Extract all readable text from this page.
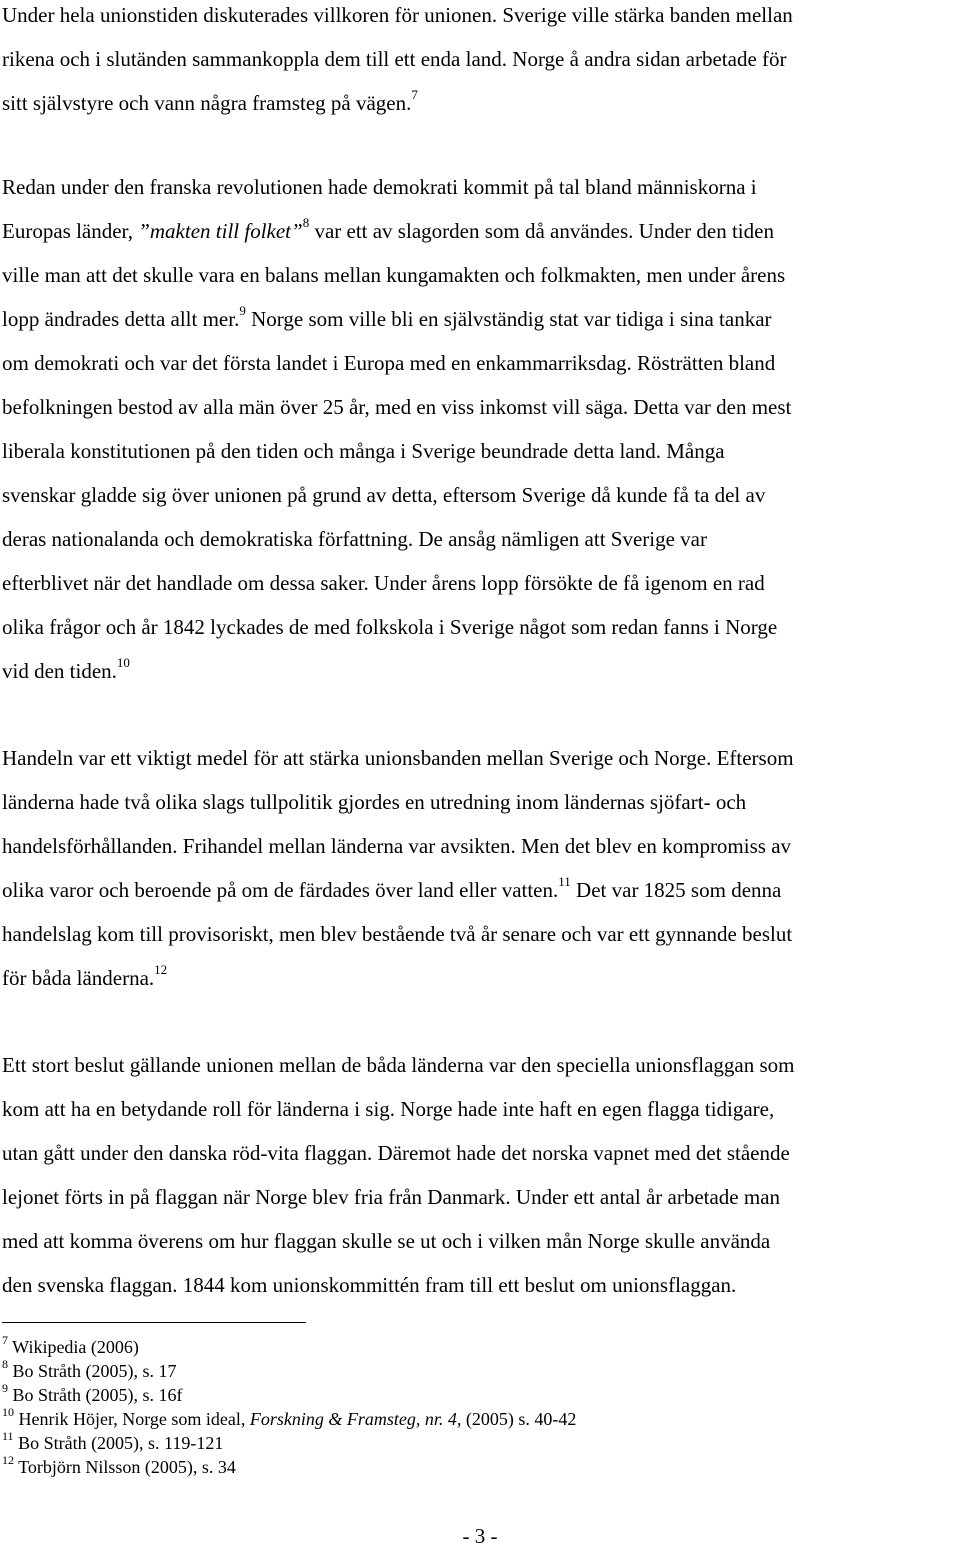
Under hela unionstiden diskuterades villkoren för unionen. Sverige ville stärka banden mellan
rikena och i slutänden sammankoppla dem till ett enda land. Norge å andra sidan arbetade för
sitt självstyre och vann några framsteg på vägen.$^7$

Redan under den franska revolutionen hade demokrati kommit på tal bland människorna i
Europas länder, ”makten till folket”$^8$ var ett av slagorden som då användes. Under den tiden
ville man att det skulle vara en balans mellan kungamakten och folkmakten, men under årens
lopp ändrades detta allt mer.$^9$ Norge som ville bli en självständig stat var tidiga i sina tankar
om demokrati och var det första landet i Europa med en enkammarriksdag. Rösträtten bland
befolkningen bestod av alla män över 25 år, med en viss inkomst vill säga. Detta var den mest
liberala konstitutionen på den tiden och många i Sverige beundrade detta land. Många
svenskar gladde sig över unionen på grund av detta, eftersom Sverige då kunde få ta del av
deras nationalanda och demokratiska författning. De ansåg nämligen att Sverige var
efterblivet när det handlade om dessa saker. Under årens lopp försökte de få igenom en rad
olika frågor och år 1842 lyckades de med folkskola i Sverige något som redan fanns i Norge
vid den tiden.$^{10}$

Handeln var ett viktigt medel för att stärka unionsbanden mellan Sverige och Norge. Eftersom
länderna hade två olika slags tullpolitik gjordes en utredning inom ländernas sjöfart- och
handelsförhållanden. Frihandel mellan länderna var avsikten. Men det blev en kompromiss av
olika varor och beroende på om de färdades över land eller vatten.$^{11}$ Det var 1825 som denna
handelslag kom till provisoriskt, men blev bestående två år senare och var ett gynnande beslut
för båda länderna.$^{12}$

Ett stort beslut gällande unionen mellan de båda länderna var den speciella unionsflaggan som
kom att ha en betydande roll för länderna i sig. Norge hade inte haft en egen flagga tidigare,
utan gått under den danska röd-vita flaggan. Däremot hade det norska vapnet med det stående
lejonet förts in på flaggan när Norge blev fria från Danmark. Under ett antal år arbetade man
med att komma överens om hur flaggan skulle se ut och i vilken mån Norge skulle använda
den svenska flaggan. 1844 kom unionskommittén fram till ett beslut om unionsflaggan.

$^7$ Wikipedia (2006)
$^8$ Bo Stråth (2005), s. 17
$^9$ Bo Stråth (2005), s. 16f
$^{10}$ Henrik Höjer, Norge som ideal, Forskning & Framsteg, nr. 4, (2005) s. 40-42
$^{11}$ Bo Stråth (2005), s. 119-121
$^{12}$ Torbjörn Nilsson (2005), s. 34
- 3 -
